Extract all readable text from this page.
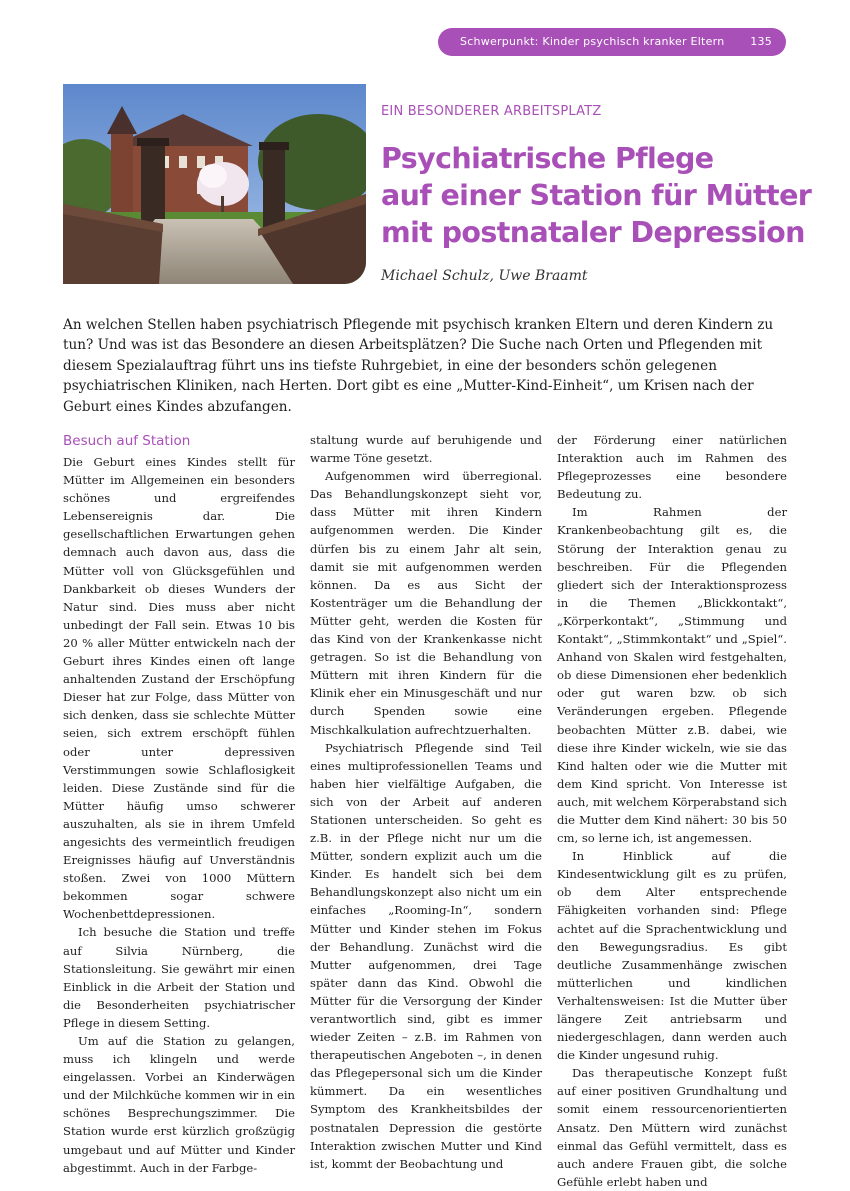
Schwerpunkt: Kinder psychisch kranker Eltern 135
EIN BESONDERER ARBEITSPLATZ
Psychiatrische Pflege
auf einer Station für Mütter
mit postnataler Depression
Michael Schulz, Uwe Braamt

An welchen Stellen haben psychiatrisch Pflegende mit psychisch kranken Eltern und deren Kindern zu tun? Und was ist das Besondere an diesen Arbeitsplätzen? Die Suche nach Orten und Pflegenden mit diesem Spezialauftrag führt uns ins tiefste Ruhrgebiet, in eine der besonders schön gelegenen psychiatrischen Kliniken, nach Herten. Dort gibt es eine „Mutter-Kind-Einheit“, um Krisen nach der Geburt eines Kindes abzufangen.

Besuch auf Station

Die Geburt eines Kindes stellt für Mütter im Allgemeinen ein besonders schönes und ergreifendes Lebensereignis dar. Die gesellschaftlichen Erwartungen gehen demnach auch davon aus, dass die Mütter voll von Glücksgefühlen und Dankbarkeit ob dieses Wunders der Natur sind. Dies muss aber nicht unbedingt der Fall sein. Etwas 10 bis 20 % aller Mütter entwickeln nach der Geburt ihres Kindes einen oft lange anhaltenden Zustand der Erschöpfung Dieser hat zur Folge, dass Mütter von sich denken, dass sie schlechte Mütter seien, sich extrem erschöpft fühlen oder unter depressiven Verstimmungen sowie Schlaflosigkeit leiden. Diese Zustände sind für die Mütter häufig umso schwerer auszuhalten, als sie in ihrem Umfeld angesichts des vermeintlich freudigen Ereignisses häufig auf Unverständnis stoßen. Zwei von 1000 Müttern bekommen sogar schwere Wochenbettdepressionen.

Ich besuche die Station und treffe auf Silvia Nürnberg, die Stationsleitung. Sie gewährt mir einen Einblick in die Arbeit der Station und die Besonderheiten psychiatrischer Pflege in diesem Setting.

Um auf die Station zu gelangen, muss ich klingeln und werde eingelassen. Vorbei an Kinderwägen und der Milchküche kommen wir in ein schönes Besprechungszimmer. Die Station wurde erst kürzlich großzügig umgebaut und auf Mütter und Kinder abgestimmt. Auch in der Farbge-

staltung wurde auf beruhigende und warme Töne gesetzt.

Aufgenommen wird überregional. Das Behandlungskonzept sieht vor, dass Mütter mit ihren Kindern aufgenommen werden. Die Kinder dürfen bis zu einem Jahr alt sein, damit sie mit aufgenommen werden können. Da es aus Sicht der Kostenträger um die Behandlung der Mütter geht, werden die Kosten für das Kind von der Krankenkasse nicht getragen. So ist die Behandlung von Müttern mit ihren Kindern für die Klinik eher ein Minusgeschäft und nur durch Spenden sowie eine Mischkalkulation aufrechtzuerhalten.

Psychiatrisch Pflegende sind Teil eines multiprofessionellen Teams und haben hier vielfältige Aufgaben, die sich von der Arbeit auf anderen Stationen unterscheiden. So geht es z.B. in der Pflege nicht nur um die Mütter, sondern explizit auch um die Kinder. Es handelt sich bei dem Behandlungskonzept also nicht um ein einfaches „Rooming-In“, sondern Mütter und Kinder stehen im Fokus der Behandlung. Zunächst wird die Mutter aufgenommen, drei Tage später dann das Kind. Obwohl die Mütter für die Versorgung der Kinder verantwortlich sind, gibt es immer wieder Zeiten – z.B. im Rahmen von therapeutischen Angeboten –, in denen das Pflegepersonal sich um die Kinder kümmert. Da ein wesentliches Symptom des Krankheitsbildes der postnatalen Depression die gestörte Interaktion zwischen Mutter und Kind ist, kommt der Beobachtung und

der Förderung einer natürlichen Interaktion auch im Rahmen des Pflegeprozesses eine besondere Bedeutung zu.

Im Rahmen der Krankenbeobachtung gilt es, die Störung der Interaktion genau zu beschreiben. Für die Pflegenden gliedert sich der Interaktionsprozess in die Themen „Blickkontakt“, „Körperkontakt“, „Stimmung und Kontakt“, „Stimmkontakt“ und „Spiel“. Anhand von Skalen wird festgehalten, ob diese Dimensionen eher bedenklich oder gut waren bzw. ob sich Veränderungen ergeben. Pflegende beobachten Mütter z.B. dabei, wie diese ihre Kinder wickeln, wie sie das Kind halten oder wie die Mutter mit dem Kind spricht. Von Interesse ist auch, mit welchem Körperabstand sich die Mutter dem Kind nähert: 30 bis 50 cm, so lerne ich, ist angemessen.

In Hinblick auf die Kindesentwicklung gilt es zu prüfen, ob dem Alter entsprechende Fähigkeiten vorhanden sind: Pflege achtet auf die Sprachentwicklung und den Bewegungsradius. Es gibt deutliche Zusammenhänge zwischen mütterlichen und kindlichen Verhaltensweisen: Ist die Mutter über längere Zeit antriebsarm und niedergeschlagen, dann werden auch die Kinder ungesund ruhig.

Das therapeutische Konzept fußt auf einer positiven Grundhaltung und somit einem ressourcenorientierten Ansatz. Den Müttern wird zunächst einmal das Gefühl vermittelt, dass es auch andere Frauen gibt, die solche Gefühle erlebt haben und
